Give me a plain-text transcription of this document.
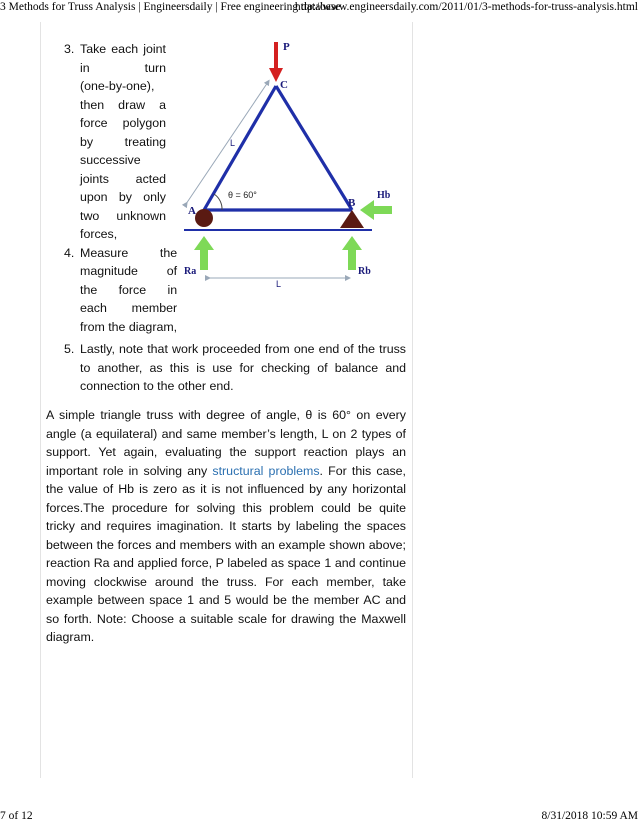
3 Methods for Truss Analysis | Engineersdaily | Free engineering database
http://www.engineersdaily.com/2011/01/3-methods-for-truss-analysis.html
3. Take each joint
in turn
(one-by-one),
then draw a
force polygon
by treating
successive
joints acted
upon by only
two unknown
forces,
4. Measure the
magnitude of
the force in
each member
from the diagram,
P
C
A
B
Hb
Ra	Rb
L
L
θ = 60°
5. Lastly, note that work proceeded from one end of the truss to another, as this is use for checking of balance and connection to the other end.
A simple triangle truss with degree of angle, θ is 60° on every angle (a equilateral) and same member’s length, L on 2 types of support. Yet again, evaluating the support reaction plays an important role in solving any structural problems. For this case, the value of Hb is zero as it is not influenced by any horizontal forces.The procedure for solving this problem could be quite tricky and requires imagination. It starts by labeling the spaces between the forces and members with an example shown above; reaction Ra and applied force, P labeled as space 1 and continue moving clockwise around the truss. For each member, take example between space 1 and 5 would be the member AC and so forth. Note: Choose a suitable scale for drawing the Maxwell diagram.
7 of 12	8/31/2018 10:59 AM
